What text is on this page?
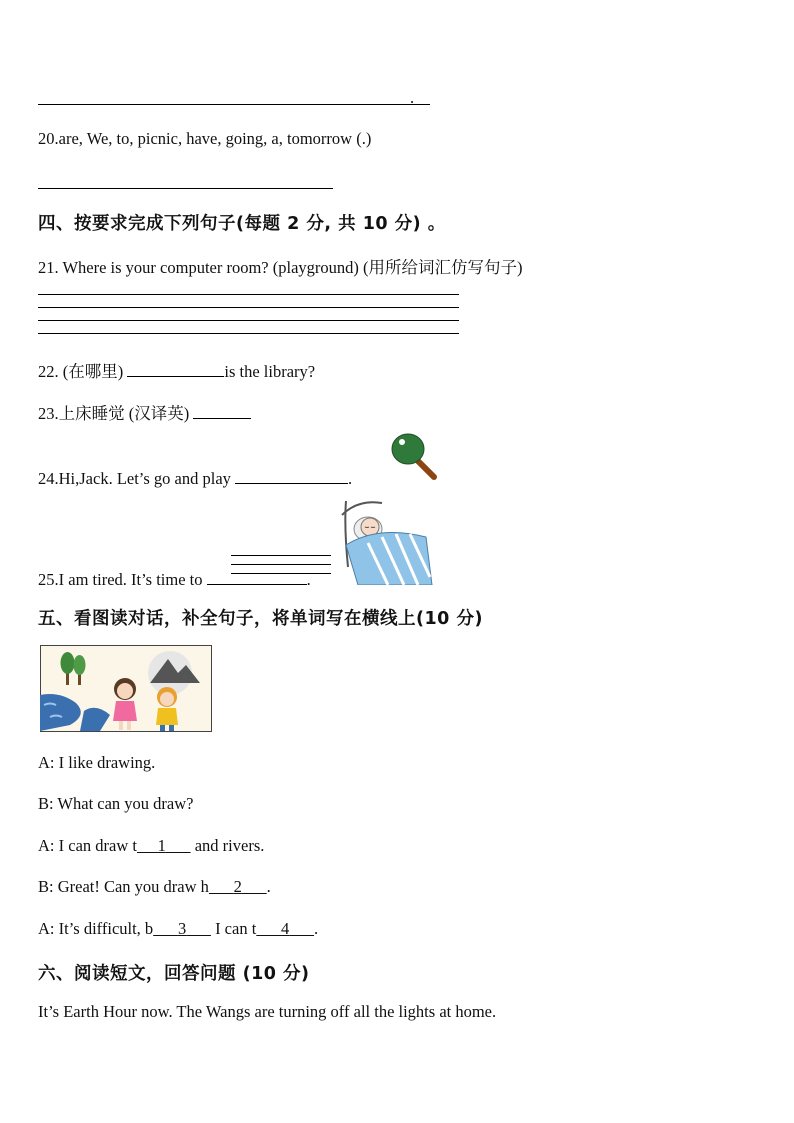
.
20.are, We, to, picnic, have, going, a, tomorrow (.)
四、按要求完成下列句子(每题 2 分, 共 10 分) 。
21. Where is your computer room? (playground) (用所给词汇仿写句子)
22. (在哪里)	is the library?
23.上床睡觉 (汉译英)
24.Hi,Jack. Let’s go and play	.
25.I am tired. It’s time to	.
五、看图读对话，补全句子，将单词写在横线上(10 分)
A: I like drawing.
B: What can you draw?
A: I can draw t 1       and rivers.
B: Great! Can you draw h 2 .
A: It’s difficult, b 3       I can t 4 .
六、阅读短文，回答问题 (10 分)
It’s Earth Hour now. The Wangs are turning off all the lights at home.
